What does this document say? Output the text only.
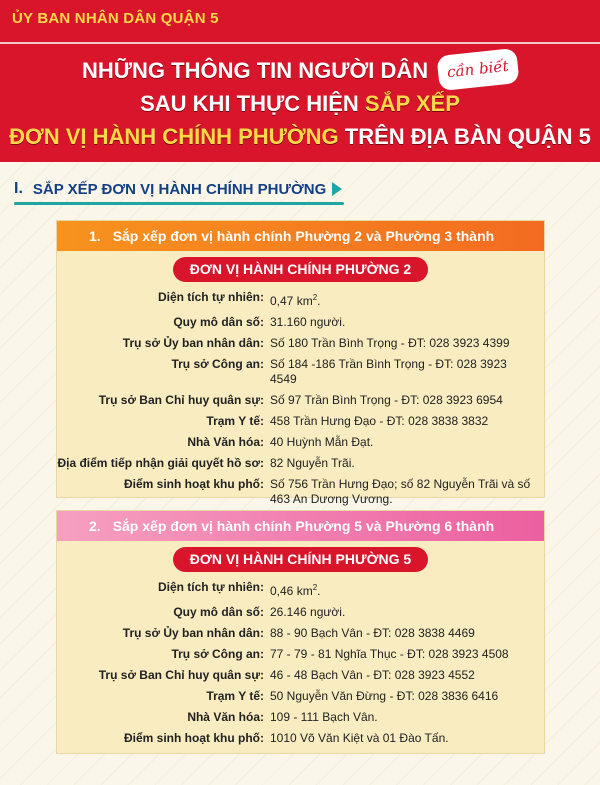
ỦY BAN NHÂN DÂN QUẬN 5
NHỮNG THÔNG TIN NGƯỜI DÂN cần biết
SAU KHI THỰC HIỆN SẮP XẾP
ĐƠN VỊ HÀNH CHÍNH PHƯỜNG TRÊN ĐỊA BÀN QUẬN 5
I. SẮP XẾP ĐƠN VỊ HÀNH CHÍNH PHƯỜNG
1. Sắp xếp đơn vị hành chính Phường 2 và Phường 3 thành
ĐƠN VỊ HÀNH CHÍNH PHƯỜNG 2
Diện tích tự nhiên: 0,47 $km^2$.
Quy mô dân số: 31.160 người.
Trụ sở Ủy ban nhân dân: Số 180 Trần Bình Trọng - ĐT: 028 3923 4399
Trụ sở Công an: Số 184 -186 Trần Bình Trọng - ĐT: 028 3923 4549
Trụ sở Ban Chỉ huy quân sự: Số 97 Trần Bình Trọng - ĐT: 028 3923 6954
Trạm Y tế: 458 Trần Hưng Đạo - ĐT: 028 3838 3832
Nhà Văn hóa: 40 Huỳnh Mẫn Đạt.
Địa điểm tiếp nhận giải quyết hồ sơ: 82 Nguyễn Trãi.
Điểm sinh hoạt khu phố: Số 756 Trần Hưng Đạo; số 82 Nguyễn Trãi và số 463 An Dương Vương.
2. Sắp xếp đơn vị hành chính Phường 5 và Phường 6 thành
ĐƠN VỊ HÀNH CHÍNH PHƯỜNG 5
Diện tích tự nhiên: 0,46 $km^2$.
Quy mô dân số: 26.146 người.
Trụ sở Ủy ban nhân dân: 88 - 90 Bạch Vân - ĐT: 028 3838 4469
Trụ sở Công an: 77 - 79 - 81 Nghĩa Thục - ĐT: 028 3923 4508
Trụ sở Ban Chỉ huy quân sự: 46 - 48 Bạch Vân - ĐT: 028 3923 4552
Trạm Y tế: 50 Nguyễn Văn Đừng - ĐT: 028 3836 6416
Nhà Văn hóa: 109 - 111 Bạch Vân.
Điểm sinh hoạt khu phố: 1010 Võ Văn Kiệt và 01 Đào Tấn.
